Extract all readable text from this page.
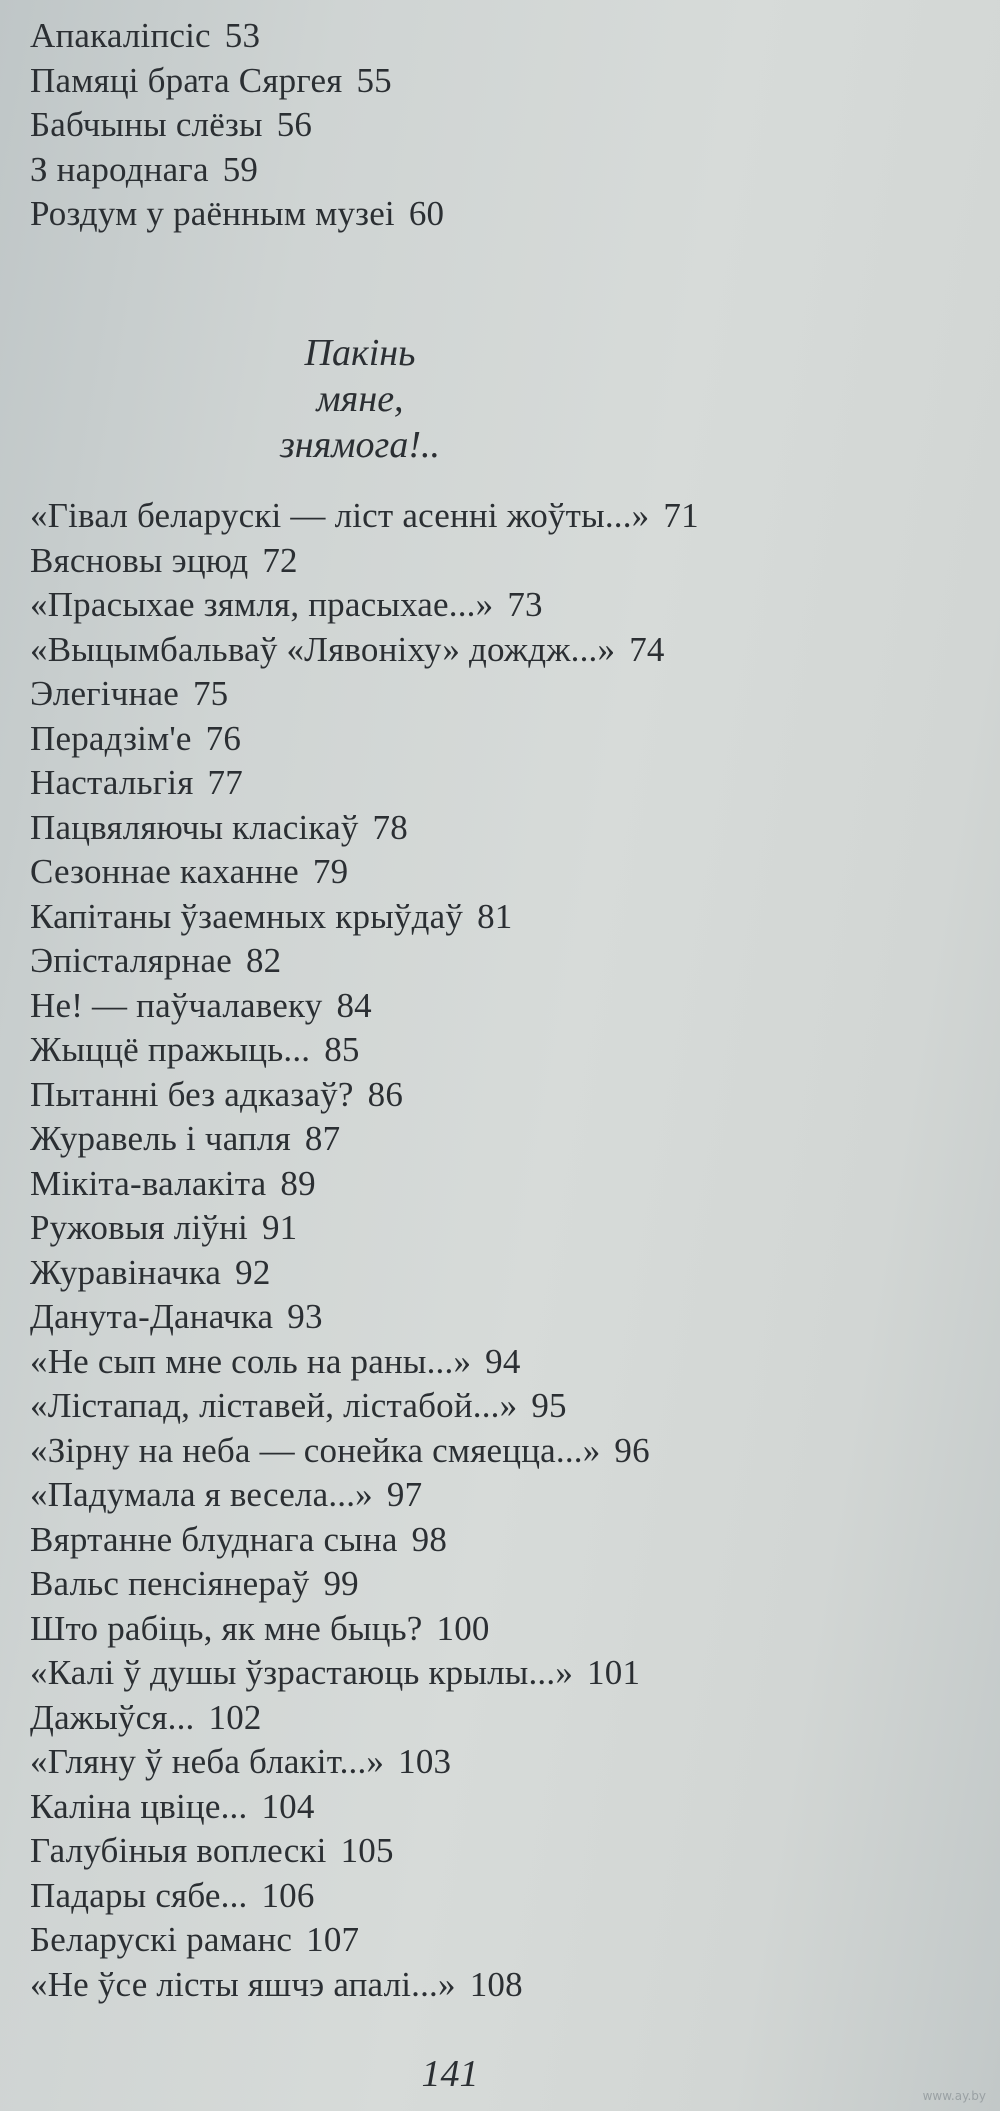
Апакаліпсіс 53
Памяці брата Сяргея 55
Бабчыны слёзы 56
З народнага 59
Роздум у раённым музеі 60
Пакінь
мяне,
знямога!..
«Гівал беларускі — ліст асенні жоўты...» 71
Вясновы эцюд 72
«Прасыхае зямля, прасыхае...» 73
«Выцымбальваў «Лявоніху» дождж...» 74
Элегічнае 75
Перадзім'е 76
Настальгія 77
Пацвяляючы класікаў 78
Сезоннае каханне 79
Капітаны ўзаемных крыўдаў 81
Эпісталярнае 82
Не! — паўчалавеку 84
Жыццё пражыць... 85
Пытанні без адказаў? 86
Журавель і чапля 87
Мікіта-валакіта 89
Ружовыя ліўні 91
Журавіначка 92
Данута-Даначка 93
«Не сып мне соль на раны...» 94
«Лістапад, ліставей, лістабой...» 95
«Зірну на неба — сонейка смяецца...» 96
«Падумала я весела...» 97
Вяртанне блуднага сына 98
Вальс пенсіянераў 99
Што рабіць, як мне быць? 100
«Калі ў душы ўзрастаюць крылы...» 101
Дажыўся... 102
«Гляну ў неба блакіт...» 103
Каліна цвіце... 104
Галубіныя воплескі 105
Падары сябе... 106
Беларускі раманс 107
«Не ўсе лісты яшчэ апалі...» 108
141
www.ay.by
